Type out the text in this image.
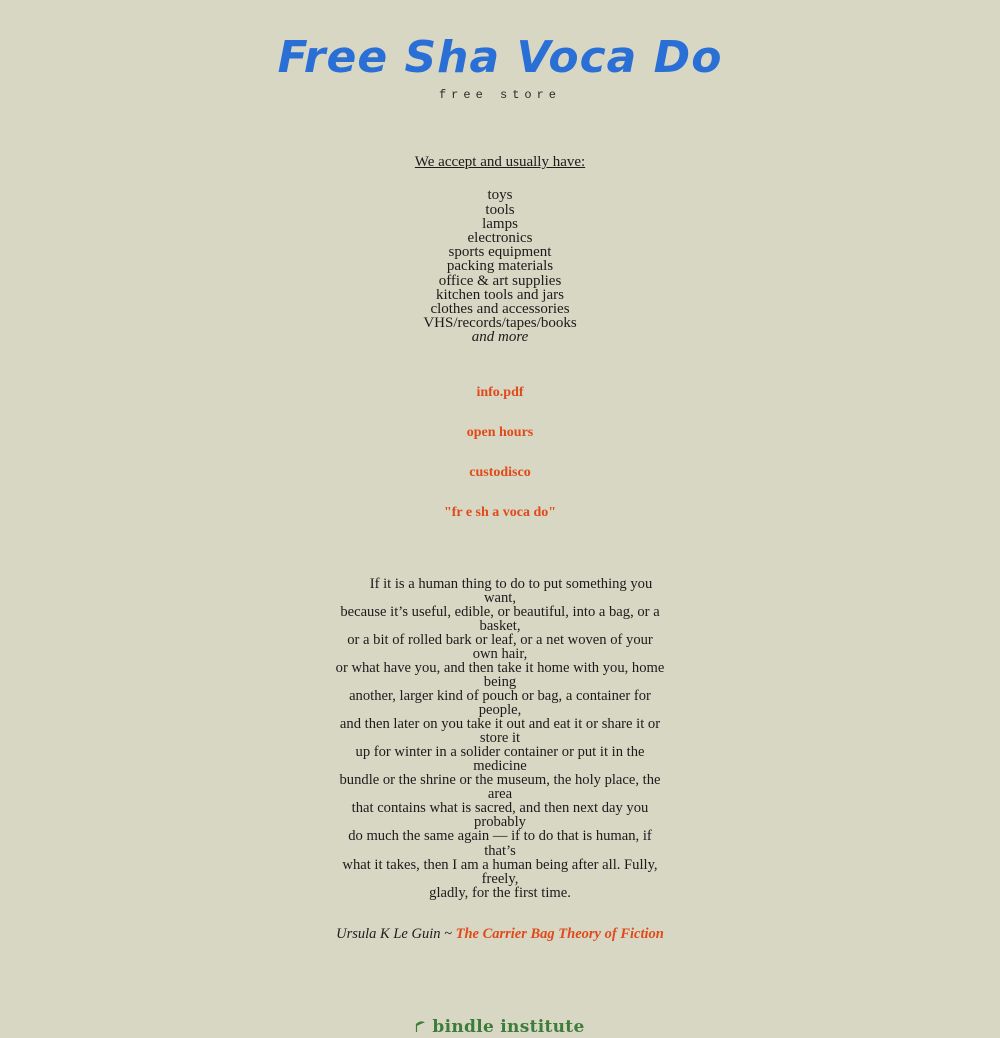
Free Sha Voca Do
free store
We accept and usually have:
toys
tools
lamps
electronics
sports equipment
packing materials
office & art supplies
kitchen tools and jars
clothes and accessories
VHS/records/tapes/books
and more
info.pdf
open hours
custodisco
"fr e sh a voca do"

If it is a human thing to do to put something you want,

because it’s useful, edible, or beautiful, into a bag, or a basket,

or a bit of rolled bark or leaf, or a net woven of your own hair,

or what have you, and then take it home with you, home being

another, larger kind of pouch or bag, a container for people,

and then later on you take it out and eat it or share it or store it

up for winter in a solider container or put it in the medicine

bundle or the shrine or the museum, the holy place, the area

that contains what is sacred, and then next day you probably

do much the same again — if to do that is human, if that’s

what it takes, then I am a human being after all. Fully, freely,

gladly, for the first time.

Ursula K Le Guin ~ The Carrier Bag Theory of Fiction
bindle institute
